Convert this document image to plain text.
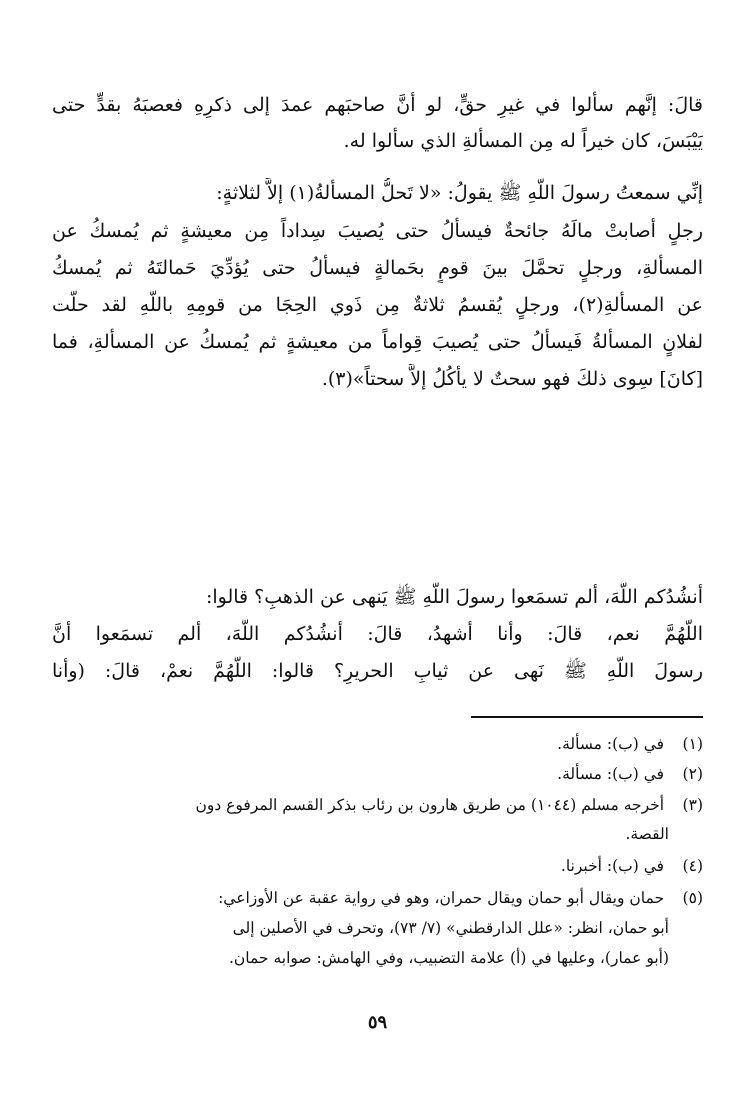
قالَ: إنَّهم سألوا في غيرِ حقٍّ، لو أنَّ صاحبَهم عمدَ إلى ذكرِهِ فعصبَهُ بقدٍّ حتى
يَيْبَسَ، كان خيراً له مِن المسألةِ الذي سألوا له.
إنِّي سمعتُ رسولَ اللَّهِ ﷺ يقولُ: «لا تَحلُّ المسألةُ(١) إلاَّ لثلاثةٍ:
رجلٍ أصابتْ مالَهُ جائحةٌ فيسألُ حتى يُصيبَ سِداداً مِن معيشةٍ ثم يُمسكُ عن
المسألةِ، ورجلٍ تحمَّلَ بينَ قومٍ بحَمالةٍ فيسألُ حتى يُؤدِّيَ حَمالتَهُ ثم يُمسكُ
عن المسألةِ(٢)، ورجلٍ يُقسمُ ثلاثةٌ مِن ذَوي الحِجَا من قومِهِ باللَّهِ لقد حلَّت
لفلانٍ المسألةُ فَيسألُ حتى يُصيبَ قِواماً من معيشةٍ ثم يُمسكُ عن المسألةِ، فما
[كانَ] سِوى ذلكَ فهو سحتٌ لا يأكُلُ إلاَّ سحتاً»(٣).
أنشُدُكم اللَّهَ، ألم تسمَعوا رسولَ اللَّهِ ﷺ يَنهى عن الذهبِ؟ قالوا:
اللَّهُمَّ نعم، قالَ: وأنا أشهدُ، قالَ: أنشُدُكم اللَّهَ، ألم تسمَعوا أنَّ
رسولَ اللَّهِ ﷺ نَهى عن ثيابِ الحريرِ؟ قالوا: اللَّهُمَّ نعمْ، قالَ: (وأنا
(١) في (ب): مسألة.
(٢) في (ب): مسألة.
(٣) أخرجه مسلم (١٠٤٤) من طريق هارون بن رئاب بذكر القسم المرفوع دون
القصة.
(٤) في (ب): أخبرنا.
(٥) حمان ويقال أبو حمان ويقال حمران، وهو في رواية عقبة عن الأوزاعي:
أبو حمان، انظر: «علل الدارقطني» (٧/ ٧٣)، وتحرف في الأصلين إلى
(أبو عمار)، وعليها في (أ) علامة التضبيب، وفي الهامش: صوابه حمان.
٥٩
